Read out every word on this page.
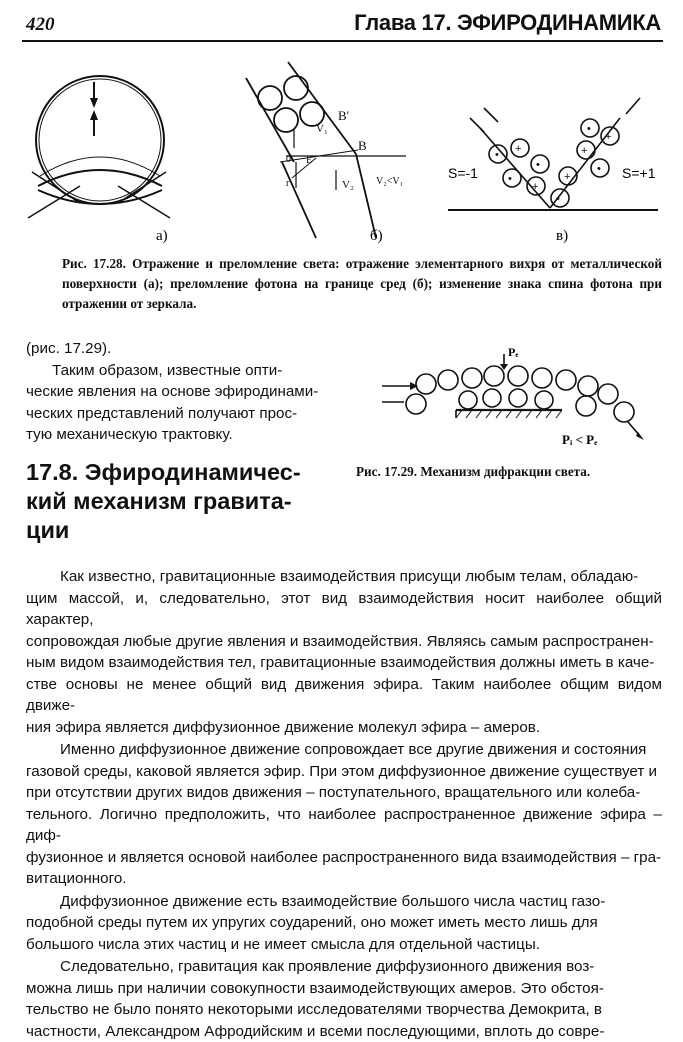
420	Глава 17. ЭФИРОДИНАМИКА
а)
V₁
B'
B
0 E
r	V₂ V₂<V₁
б)
• +
•
+
•
+
•
+
•
+
•
S=-1	S=+1
в)
Рис. 17.28. Отражение и преломление света: отражение элементарного вихря от металлической поверхности (а); преломление фотона на границе сред (б); изменение знака спина фотона при отражении от зеркала.
(рис. 17.29).
Таким образом, известные опти-
ческие явления на основе эфиродинами-
ческих представлений получают прос-
тую механическую трактовку.
Pₑ
Pᵢ < Pₑ
Рис. 17.29. Механизм дифракции света.
17.8. Эфиродинамичес-
кий механизм гравита-
ции
Как известно, гравитационные взаимодействия присущи любым телам, обладаю-
щим массой, и, следовательно, этот вид взаимодействия носит наиболее общий характер,
сопровождая любые другие явления и взаимодействия. Являясь самым распространен-
ным видом взаимодействия тел, гравитационные взаимодействия должны иметь в каче-
стве основы не менее общий вид движения эфира. Таким наиболее общим видом движе-
ния эфира является диффузионное движение молекул эфира – амеров.
Именно диффузионное движение сопровождает все другие движения и состояния
газовой среды, каковой является эфир. При этом диффузионное движение существует и
при отсутствии других видов движения – поступательного, вращательного или колеба-
тельного. Логично предположить, что наиболее распространенное движение эфира – диф-
фузионное и является основой наиболее распространенного вида взаимодействия – гра-
витационного.
Диффузионное движение есть взаимодействие большого числа частиц газо-
подобной среды путем их упругих соударений, оно может иметь место лишь для
большого числа этих частиц и не имеет смысла для отдельной частицы.
Следовательно, гравитация как проявление диффузионного движения воз-
можна лишь при наличии совокупности взаимодействующих амеров. Это обстоя-
тельство не было понято некоторыми исследователями творчества Демокрита, в
частности, Александром Афродийским и всеми последующими, вплоть до совре-
